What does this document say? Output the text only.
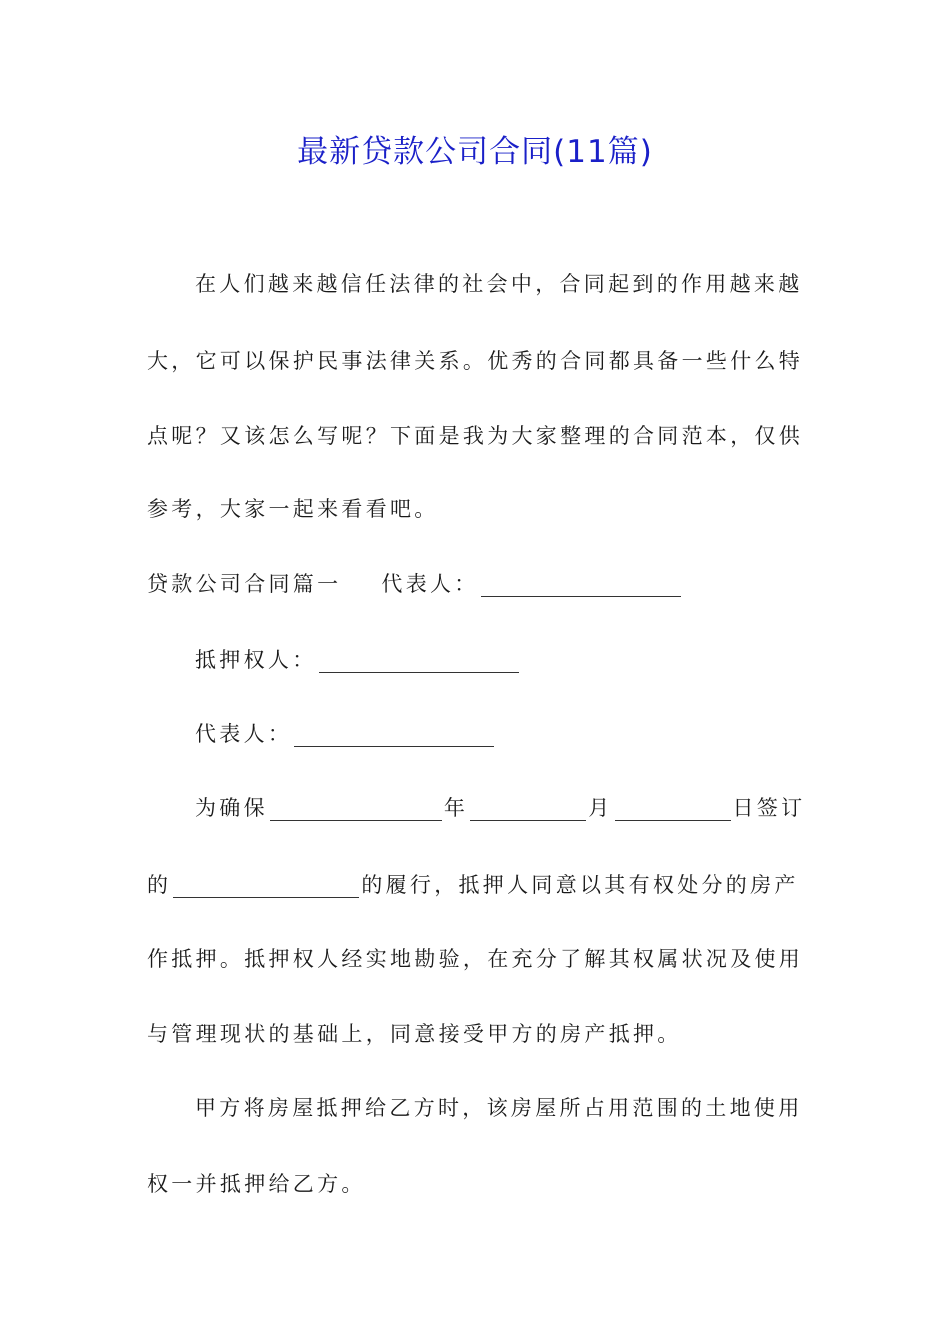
最新贷款公司合同(11篇)
在人们越来越信任法律的社会中，合同起到的作用越来越
大，它可以保护民事法律关系。优秀的合同都具备一些什么特
点呢？又该怎么写呢？下面是我为大家整理的合同范本，仅供
参考，大家一起来看看吧。
贷款公司合同篇一 代表人：
抵押权人：
代表人：
为确保	年	月	日签订
的	的履行，抵押人同意以其有权处分的房产
作抵押。抵押权人经实地勘验，在充分了解其权属状况及使用
与管理现状的基础上，同意接受甲方的房产抵押。
甲方将房屋抵押给乙方时，该房屋所占用范围的土地使用
权一并抵押给乙方。
